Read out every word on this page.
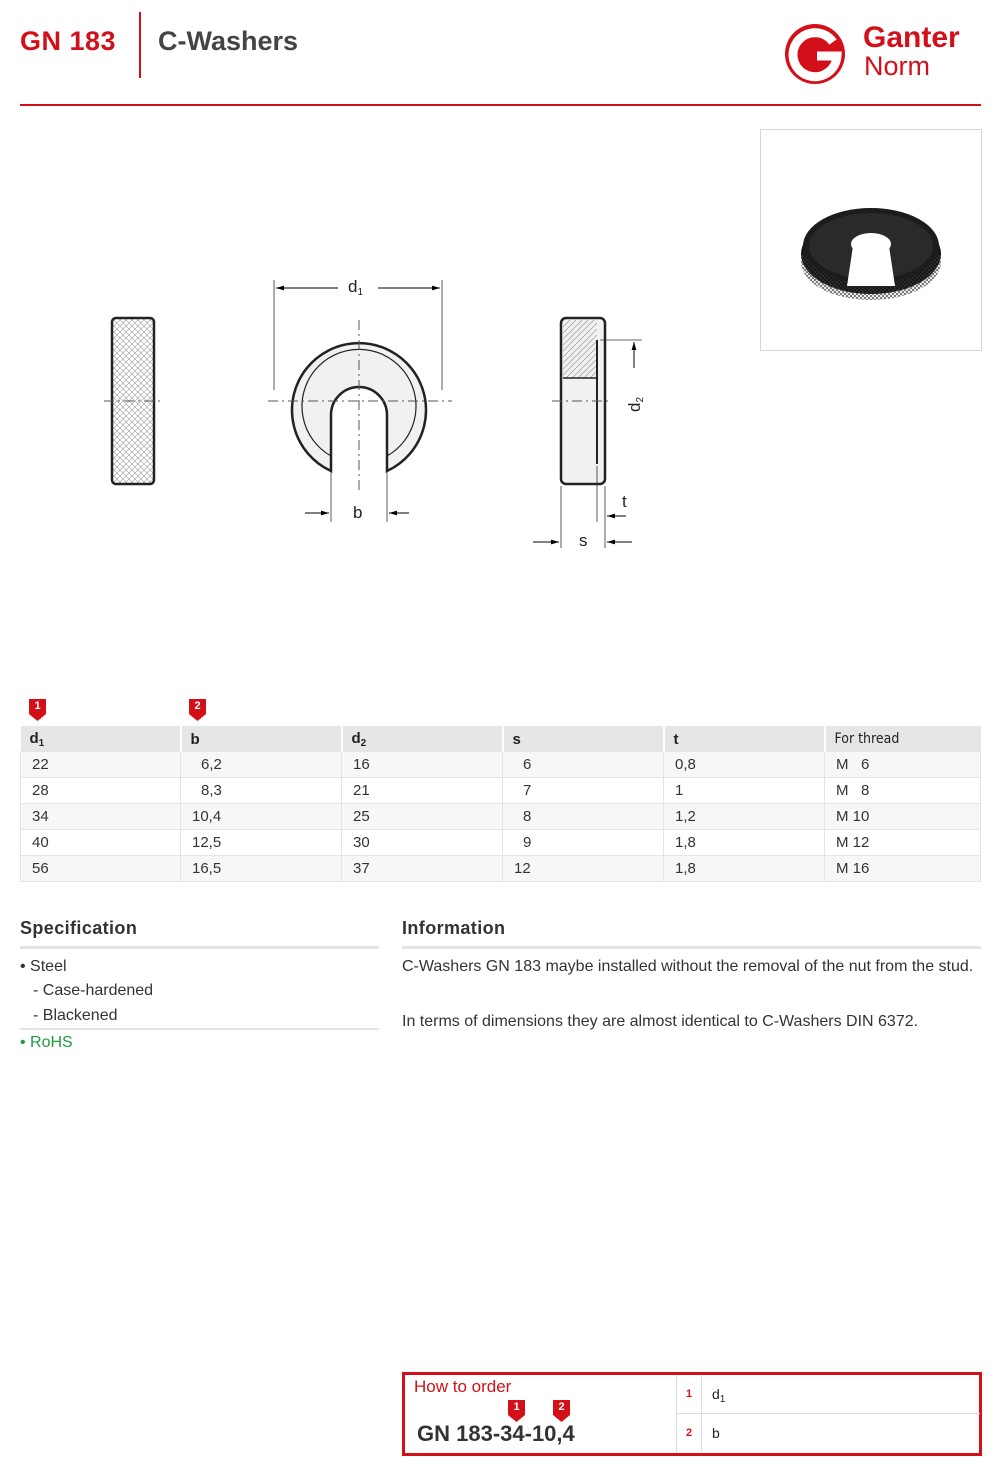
GN 183 C-Washers	Ganter
Norm
$d_1$
b
$d_2$
t
s
1	2
$d_1$	b	$d_2$	s	t	For thread
22	6,2	16	6	0,8	M   6
28	8,3	21	7	1	M   8
34	10,4	25	8	1,2	M 10
40	12,5	30	9	1,8	M 12
56	16,5	37	12	1,8	M 16
Specification
• Steel
- Case-hardened
- Blackened
• RoHS
Information
C-Washers GN 183 maybe installed without the removal of the nut from the stud.
In terms of dimensions they are almost identical to C-Washers DIN 6372.
How to order
1	2
GN 183-34-10,4
1	$d_1$
2	b
